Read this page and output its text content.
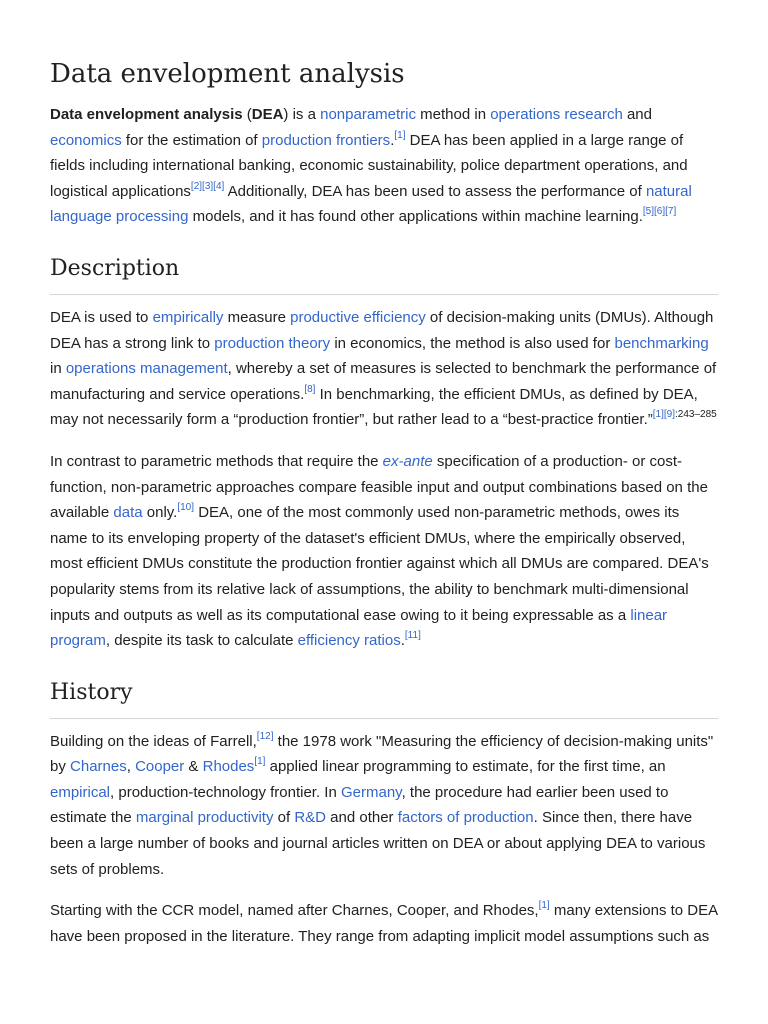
Data envelopment analysis

Data envelopment analysis (DEA) is a nonparametric method in operations research and economics for the estimation of production frontiers.[1] DEA has been applied in a large range of fields including international banking, economic sustainability, police department operations, and logistical applications[2][3][4] Additionally, DEA has been used to assess the performance of natural language processing models, and it has found other applications within machine learning.[5][6][7]

Description

DEA is used to empirically measure productive efficiency of decision-making units (DMUs). Although DEA has a strong link to production theory in economics, the method is also used for benchmarking in operations management, whereby a set of measures is selected to benchmark the performance of manufacturing and service operations.[8] In benchmarking, the efficient DMUs, as defined by DEA, may not necessarily form a “production frontier”, but rather lead to a “best-practice frontier.”$^{[1][9]:243-285}$

In contrast to parametric methods that require the ex-ante specification of a production- or cost-function, non-parametric approaches compare feasible input and output combinations based on the available data only.[10] DEA, one of the most commonly used non-parametric methods, owes its name to its enveloping property of the dataset's efficient DMUs, where the empirically observed, most efficient DMUs constitute the production frontier against which all DMUs are compared. DEA's popularity stems from its relative lack of assumptions, the ability to benchmark multi-dimensional inputs and outputs as well as its computational ease owing to it being expressable as a linear program, despite its task to calculate efficiency ratios.[11]

History

Building on the ideas of Farrell,[12] the 1978 work "Measuring the efficiency of decision-making units" by Charnes, Cooper & Rhodes[1] applied linear programming to estimate, for the first time, an empirical, production-technology frontier. In Germany, the procedure had earlier been used to estimate the marginal productivity of R&D and other factors of production. Since then, there have been a large number of books and journal articles written on DEA or about applying DEA to various sets of problems.

Starting with the CCR model, named after Charnes, Cooper, and Rhodes,[1] many extensions to DEA have been proposed in the literature. They range from adapting implicit model assumptions such as
